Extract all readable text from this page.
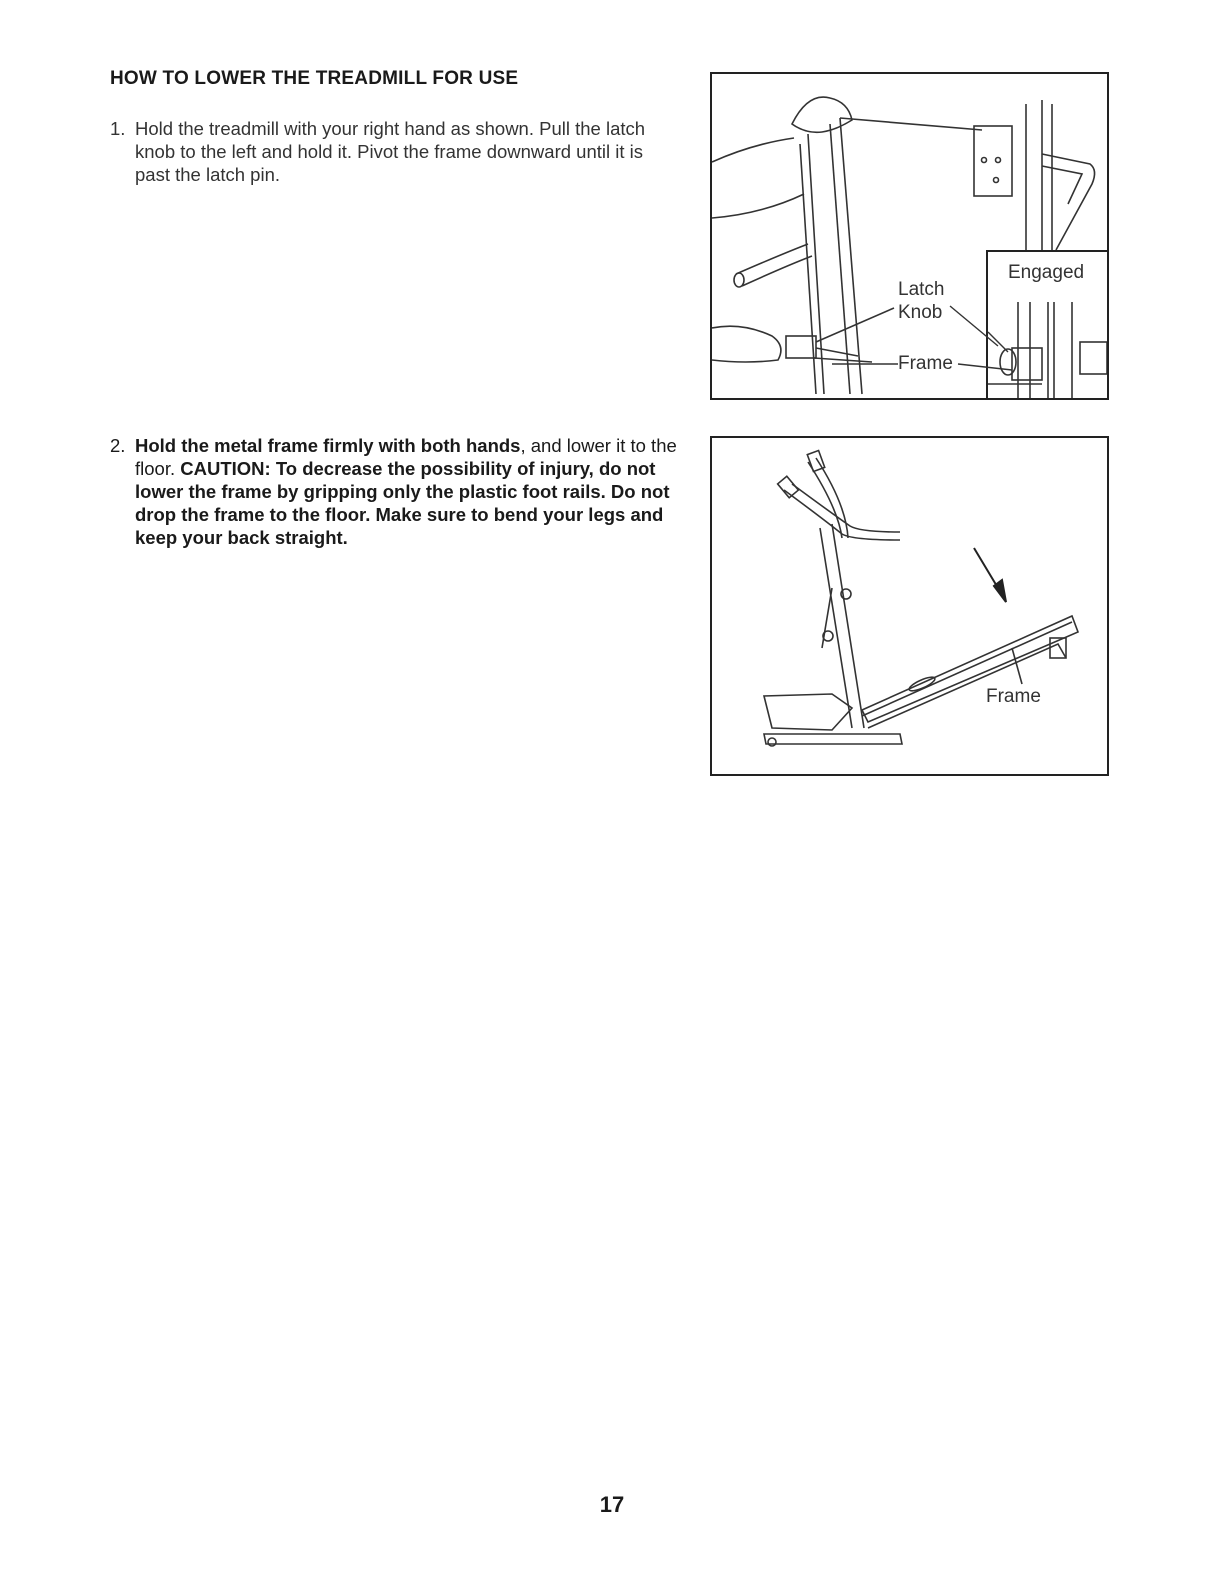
HOW TO LOWER THE TREADMILL FOR USE
1. Hold the treadmill with your right hand as shown. Pull the latch knob to the left and hold it. Pivot the frame downward until it is past the latch pin.
2. Hold the metal frame firmly with both hands, and lower it to the floor. CAUTION: To decrease the possibility of injury, do not lower the frame by gripping only the plastic foot rails. Do not drop the frame to the floor. Make sure to bend your legs and keep your back straight.
Latch
Knob
Frame
Engaged
Frame
17
